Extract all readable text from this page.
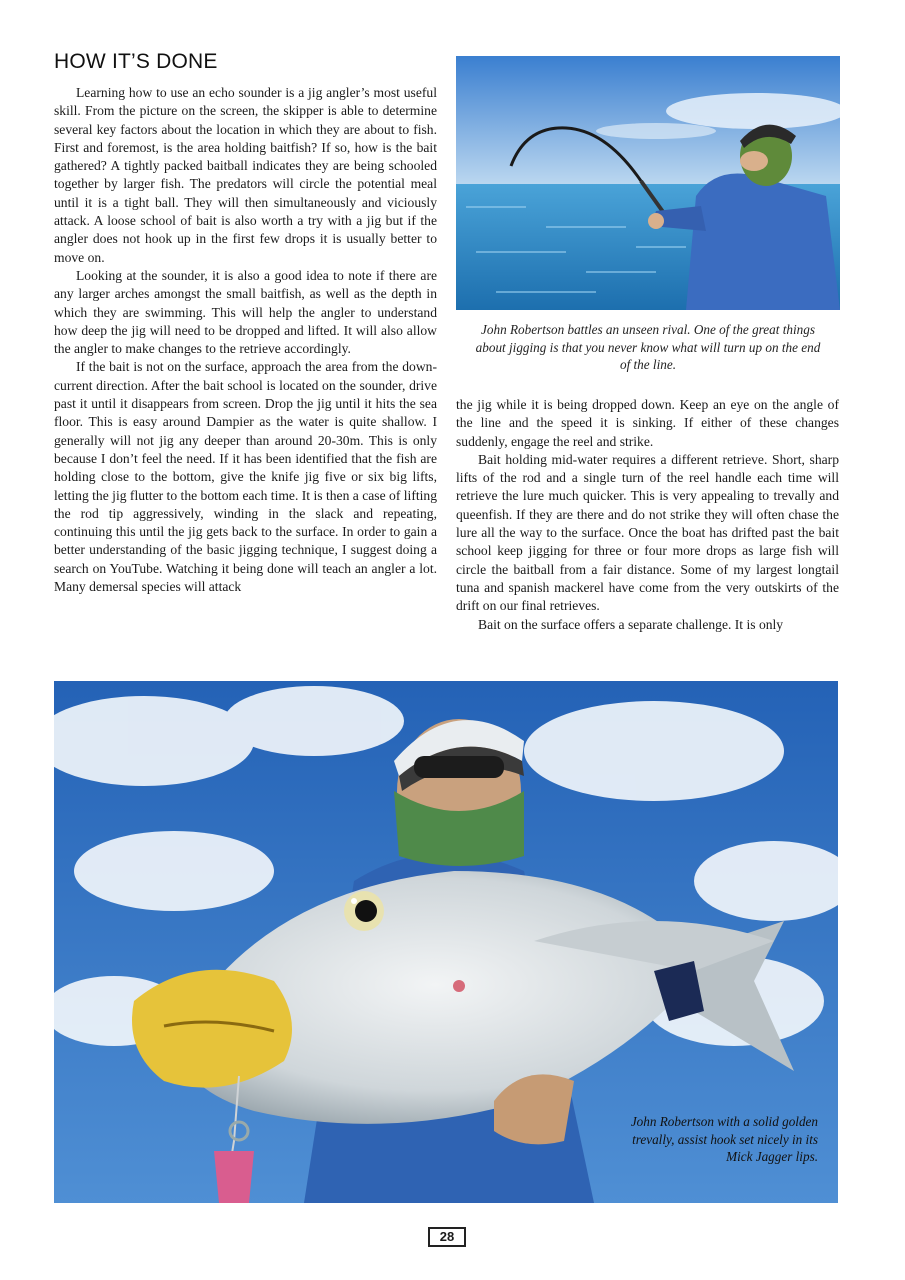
HOW IT’S DONE

Learning how to use an echo sounder is a jig angler’s most useful skill. From the picture on the screen, the skipper is able to determine several key factors about the location in which they are about to fish. First and foremost, is the area holding baitfish? If so, how is the bait gathered? A tightly packed baitball indicates they are being schooled together by larger fish. The predators will circle the potential meal until it is a tight ball. They will then simultaneously and viciously attack. A loose school of bait is also worth a try with a jig but if the angler does not hook up in the first few drops it is usually better to move on.

Looking at the sounder, it is also a good idea to note if there are any larger arches amongst the small baitfish, as well as the depth in which they are swimming. This will help the angler to understand how deep the jig will need to be dropped and lifted. It will also allow the angler to make changes to the retrieve accordingly.

If the bait is not on the surface, approach the area from the down-current direction. After the bait school is located on the sounder, drive past it until it disappears from screen. Drop the jig until it hits the sea floor. This is easy around Dampier as the water is quite shallow. I generally will not jig any deeper than around 20-30m. This is only because I don’t feel the need. If it has been identified that the fish are holding close to the bottom, give the knife jig five or six big lifts, letting the jig flutter to the bottom each time. It is then a case of lifting the rod tip aggressively, winding in the slack and repeating, continuing this until the jig gets back to the surface. In order to gain a better understanding of the basic jigging technique, I suggest doing a search on YouTube. Watching it being done will teach an angler a lot. Many demersal species will attack

John Robertson battles an unseen rival. One of the great things about jigging is that you never know what will turn up on the end of the line.

the jig while it is being dropped down. Keep an eye on the angle of the line and the speed it is sinking. If either of these changes suddenly, engage the reel and strike.

Bait holding mid-water requires a different retrieve. Short, sharp lifts of the rod and a single turn of the reel handle each time will retrieve the lure much quicker. This is very appealing to trevally and queenfish. If they are there and do not strike they will often chase the lure all the way to the surface. Once the boat has drifted past the bait school keep jigging for three or four more drops as large fish will circle the baitball from a fair distance. Some of my largest longtail tuna and spanish mackerel have come from the very outskirts of the drift on our final retrieves.

Bait on the surface offers a separate challenge. It is only

John Robertson with a solid golden trevally, assist hook set nicely in its Mick Jagger lips.
28
